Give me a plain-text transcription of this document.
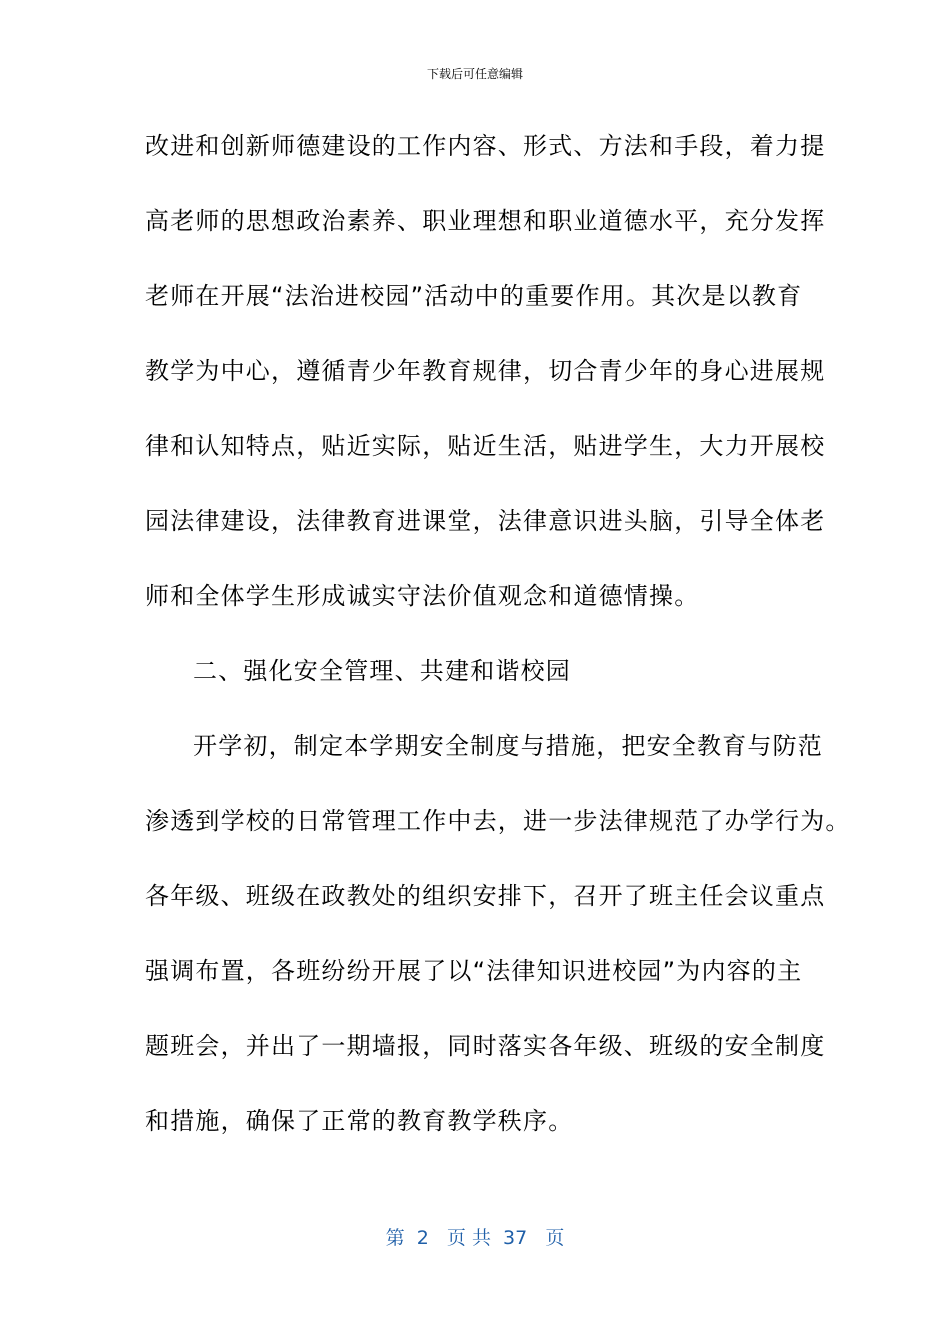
下载后可任意编辑
改进和创新师德建设的工作内容、形式、方法和手段，着力提
高老师的思想政治素养、职业理想和职业道德水平，充分发挥
老师在开展“法治进校园”活动中的重要作用。其次是以教育
教学为中心，遵循青少年教育规律，切合青少年的身心进展规
律和认知特点，贴近实际，贴近生活，贴进学生，大力开展校
园法律建设，法律教育进课堂，法律意识进头脑，引导全体老
师和全体学生形成诚实守法价值观念和道德情操。
二、强化安全管理、共建和谐校园
开学初，制定本学期安全制度与措施，把安全教育与防范
渗透到学校的日常管理工作中去，进一步法律规范了办学行为。
各年级、班级在政教处的组织安排下，召开了班主任会议重点
强调布置，各班纷纷开展了以“法律知识进校园”为内容的主
题班会，并出了一期墙报，同时落实各年级、班级的安全制度
和措施，确保了正常的教育教学秩序。
第  2   页 共  37   页
